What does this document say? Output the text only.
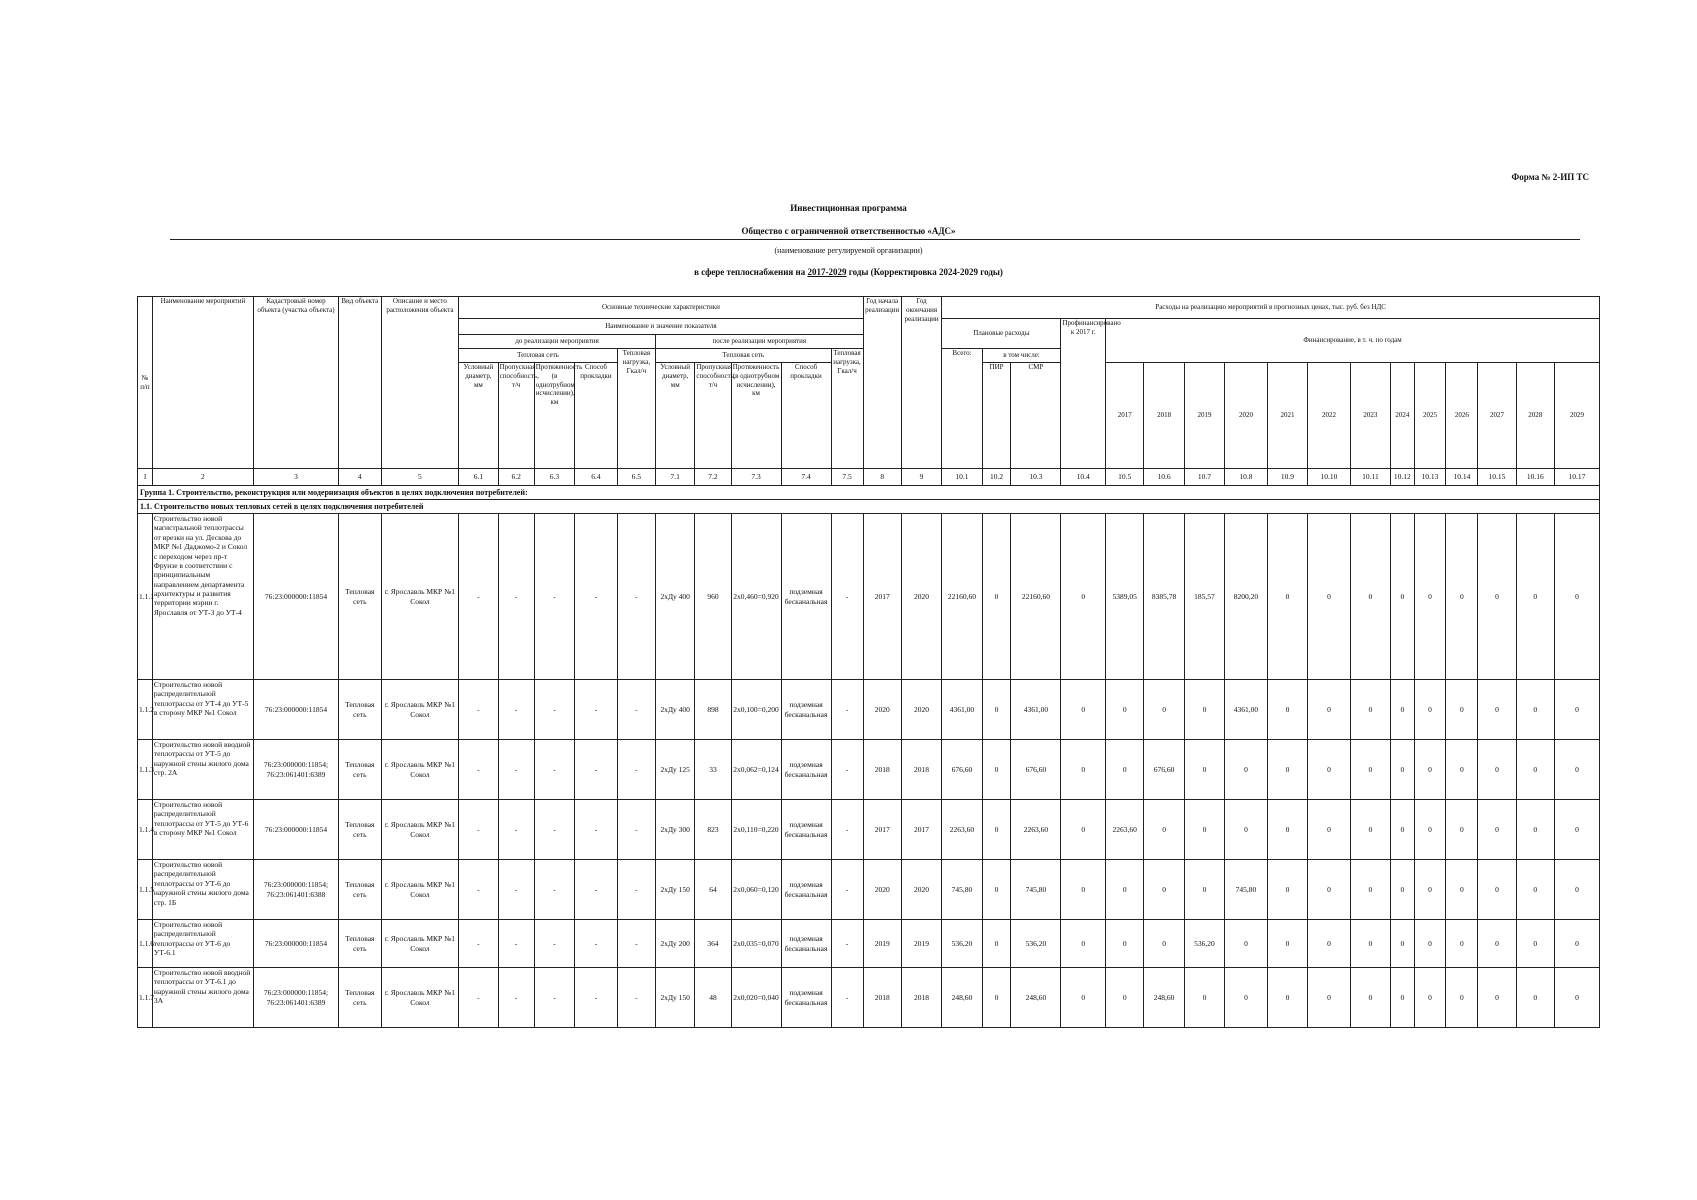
Форма № 2-ИП ТС
Инвестиционная программа
Общество с ограниченной ответственностью «АДС»
(наименование регулируемой организации)
в сфере теплоснабжения на 2017-2029 годы (Корректировка 2024-2029 годы)
№ п/п	Наименование мероприятий	Кадастровый номер объекта (участка объекта)	Вид объекта	Описание и место расположения объекта	Основные технические характеристики										Год начала реализации	Год окончания реализации	Расходы на реализацию мероприятий в прогнозных ценах, тыс. руб. без НДС																
					Наименование и значение показателя												Плановые расходы			Профинансировано к 2017 г.	Финансирование, в т. ч. по годам												
					до реализации мероприятия					после реализации мероприятия																							
					Тепловая сеть				Тепловая нагрузка, Гкал/ч	Тепловая сеть				Тепловая нагрузка, Гкал/ч			Всего:	в том числе:															
					Условный диаметр, мм	Пропускная способность, т/ч	Протяженность (в однотрубном исчислении), км	Способ прокладки		Условный диаметр, мм	Пропускная способность, т/ч	Протяженность (в однотрубном исчислении), км	Способ прокладки					ПИР	СМР		2017	2018	2019	2020	2021	2022	2023	2024	2025	2026	2027	2028	2029

1	2	3	4	5	6.1	6.2	6.3	6.4	6.5	7.1	7.2	7.3	7.4	7.5	8	9	10.1	10.2	10.3	10.4	10.5	10.6	10.7	10.8	10.9	10.10	10.11	10.12	10.13	10.14	10.15	10.16	10.17
Группа 1. Строительство, реконструкция или модернизация объектов в целях подключения потребителей:																																	
1.1. Строительство новых тепловых сетей в целях подключения потребителей																																	
1.1.1	Строительство новой магистральной теплотрассы от врезки на ул. Дескова до МКР №1 Даджомо-2 и Сокол с переходом через пр-т Фрунзе в соответствии с принципиальным направлением департамента архитектуры и развития территории мэрии г. Ярославля от УТ-3 до УТ-4	76:23:000000:11854	Тепловая сеть	г. Ярославль МКР №1 Сокол	-	-	-	-	-	2хДу 400	960	2х0,460=0,920	подземная бесканальная	-	2017	2020	22160,60	0	22160,60	0	5389,05	8385,78	185,57	8200,20	0	0	0	0	0	0	0	0	0
1.1.2	Строительство новой распределительной теплотрассы от УТ-4 до УТ-5 в сторону МКР №1 Сокол	76:23:000000:11854	Тепловая сеть	г. Ярославль МКР №1 Сокол	-	-	-	-	-	2хДу 400	898	2х0,100=0,200	подземная бесканальная	-	2020	2020	4361,00	0	4361,00	0	0	0	0	4361,00	0	0	0	0	0	0	0	0	0
1.1.3	Строительство новой вводной теплотрассы от УТ-5 до наружной стены жилого дома стр. 2А	76:23:000000:11854; 76:23:061401:6389	Тепловая сеть	г. Ярославль МКР №1 Сокол	-	-	-	-	-	2хДу 125	33	2х0,062=0,124	подземная бесканальная	-	2018	2018	676,60	0	676,60	0	0	676,60	0	0	0	0	0	0	0	0	0	0	0
1.1.4	Строительство новой распределительной теплотрассы от УТ-5 до УТ-6 в сторону МКР №1 Сокол	76:23:000000:11854	Тепловая сеть	г. Ярославль МКР №1 Сокол	-	-	-	-	-	2хДу 300	823	2х0,110=0,220	подземная бесканальная	-	2017	2017	2263,60	0	2263,60	0	2263,60	0	0	0	0	0	0	0	0	0	0	0	0
1.1.5	Строительство новой распределительной теплотрассы от УТ-6 до наружной стены жилого дома стр. 1Б	76:23:000000:11854; 76:23:061401:6388	Тепловая сеть	г. Ярославль МКР №1 Сокол	-	-	-	-	-	2хДу 150	64	2х0,060=0,120	подземная бесканальная	-	2020	2020	745,80	0	745,80	0	0	0	0	745,80	0	0	0	0	0	0	0	0	0
1.1.6	Строительство новой распределительной теплотрассы от УТ-6 до УТ-6.1	76:23:000000:11854	Тепловая сеть	г. Ярославль МКР №1 Сокол	-	-	-	-	-	2хДу 200	364	2х0,035=0,070	подземная бесканальная	-	2019	2019	536,20	0	536,20	0	0	0	536,20	0	0	0	0	0	0	0	0	0	0
1.1.7	Строительство новой вводной теплотрассы от УТ-6.1 до наружной стены жилого дома 3А	76:23:000000:11854; 76:23:061401:6389	Тепловая сеть	г. Ярославль МКР №1 Сокол	-	-	-	-	-	2хДу 150	48	2х0,020=0,040	подземная бесканальная	-	2018	2018	248,60	0	248,60	0	0	248,60	0	0	0	0	0	0	0	0	0	0	0
